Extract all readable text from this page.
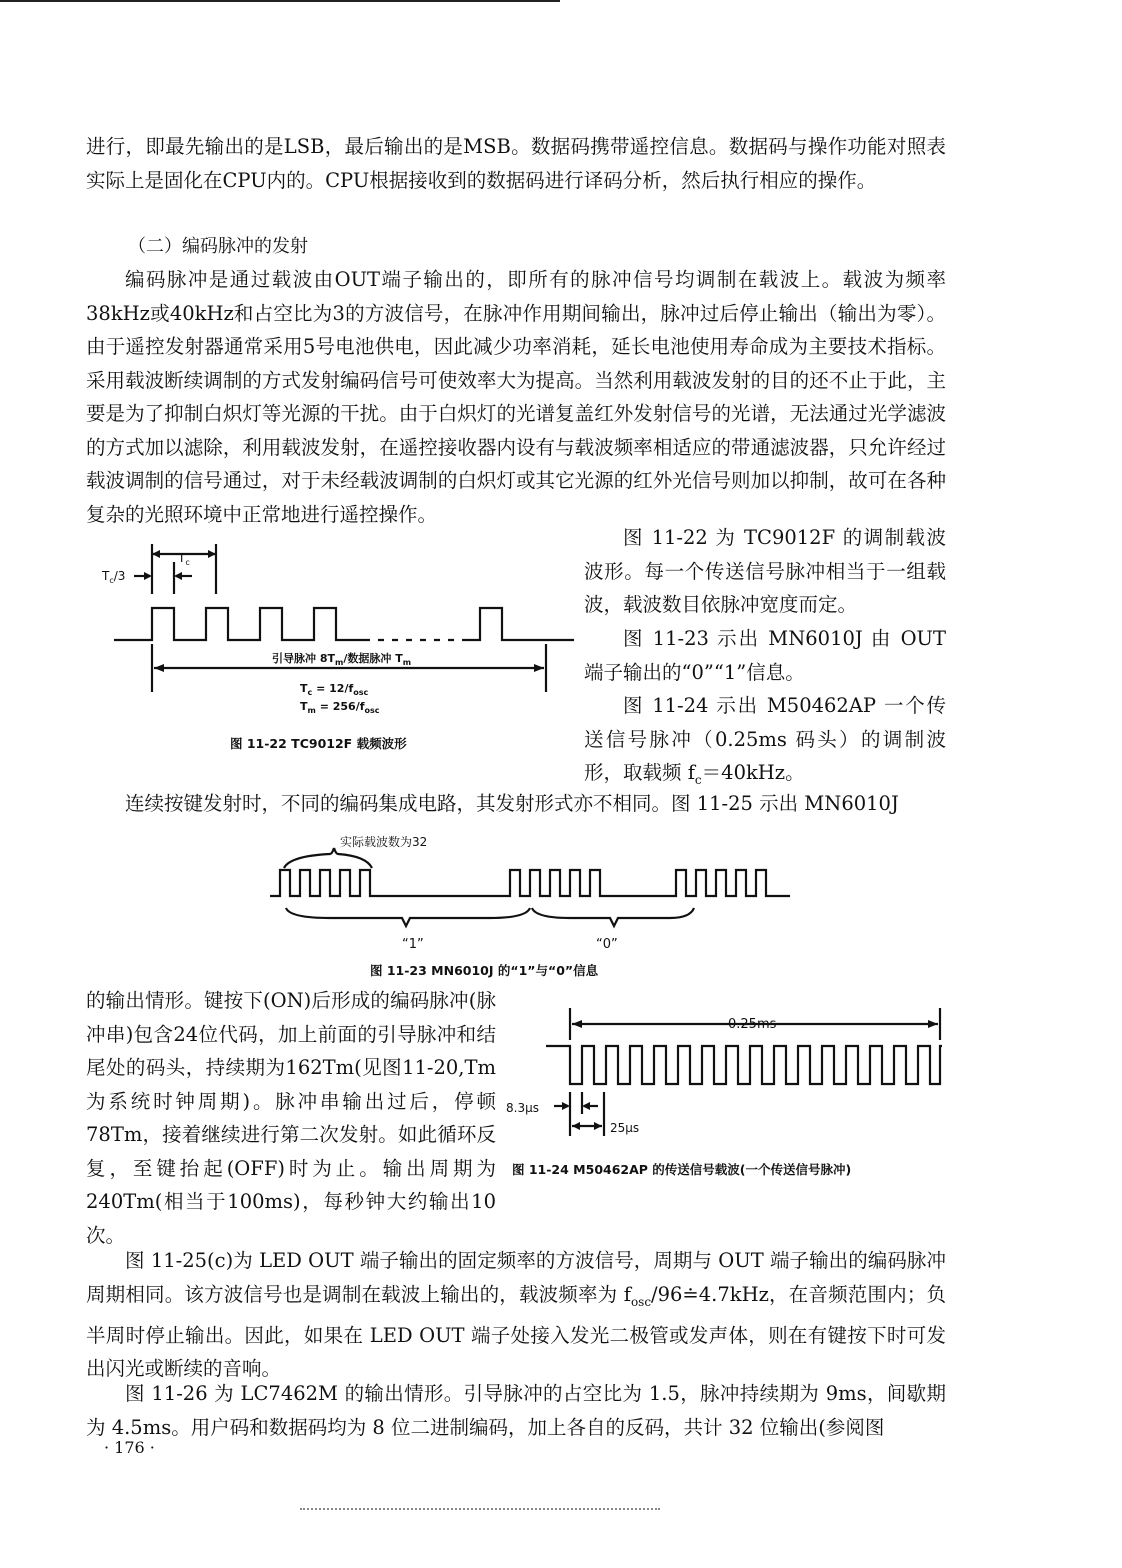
进行，即最先输出的是LSB，最后输出的是MSB。数据码携带遥控信息。数据码与操作功能对照表实际上是固化在CPU内的。CPU根据接收到的数据码进行译码分析，然后执行相应的操作。
（二）编码脉冲的发射
编码脉冲是通过载波由OUT端子输出的，即所有的脉冲信号均调制在载波上。载波为频率38kHz或40kHz和占空比为3的方波信号，在脉冲作用期间输出，脉冲过后停止输出（输出为零）。由于遥控发射器通常采用5号电池供电，因此减少功率消耗，延长电池使用寿命成为主要技术指标。采用载波断续调制的方式发射编码信号可使效率大为提高。当然利用载波发射的目的还不止于此，主要是为了抑制白炽灯等光源的干扰。由于白炽灯的光谱复盖红外发射信号的光谱，无法通过光学滤波的方式加以滤除，利用载波发射，在遥控接收器内设有与载波频率相适应的带通滤波器，只允许经过载波调制的信号通过，对于未经载波调制的白炽灯或其它光源的红外光信号则加以抑制，故可在各种复杂的光照环境中正常地进行遥控操作。
$T_c$
$T_c/3$
引导脉冲 $8T_m/$数据脉冲 $T_m$
$T_c = 12/f_{osc}$
$T_m = 256/f_{osc}$
图 11-22 TC9012F 载频波形
图 11-22 为 TC9012F 的调制载波波形。每一个传送信号脉冲相当于一组载波，载波数目依脉冲宽度而定。
图 11-23 示出 MN6010J 由 OUT 端子输出的“0”“1”信息。
图 11-24 示出 M50462AP 一个传送信号脉冲（0.25ms 码头）的调制波形，取载频 $f_c=40kHz$。
连续按键发射时，不同的编码集成电路，其发射形式亦不相同。图 11-25 示出 MN6010J
实际载波数为32
“1”	“0”
图 11-23 MN6010J 的“1”与“0”信息
的输出情形。键按下(ON)后形成的编码脉冲(脉冲串)包含24位代码，加上前面的引导脉冲和结尾处的码头，持续期为162Tm(见图11-20,Tm为系统时钟周期)。脉冲串输出过后，停顿78Tm，接着继续进行第二次发射。如此循环反复，至键抬起(OFF)时为止。输出周期为240Tm(相当于100ms)，每秒钟大约输出10次。
0.25ms
8.3μs
25μs
图 11-24 M50462AP 的传送信号载波(一个传送信号脉冲)
图 11-25(c)为 LED OUT 端子输出的固定频率的方波信号，周期与 OUT 端子输出的编码脉冲周期相同。该方波信号也是调制在载波上输出的，载波频率为 $f_{osc}/96≐4.7kHz$，在音频范围内；负半周时停止输出。因此，如果在 LED OUT 端子处接入发光二极管或发声体，则在有键按下时可发出闪光或断续的音响。
图 11-26 为 LC7462M 的输出情形。引导脉冲的占空比为 1.5，脉冲持续期为 9ms，间歇期为 4.5ms。用户码和数据码均为 8 位二进制编码，加上各自的反码，共计 32 位输出(参阅图
· 176 ·
